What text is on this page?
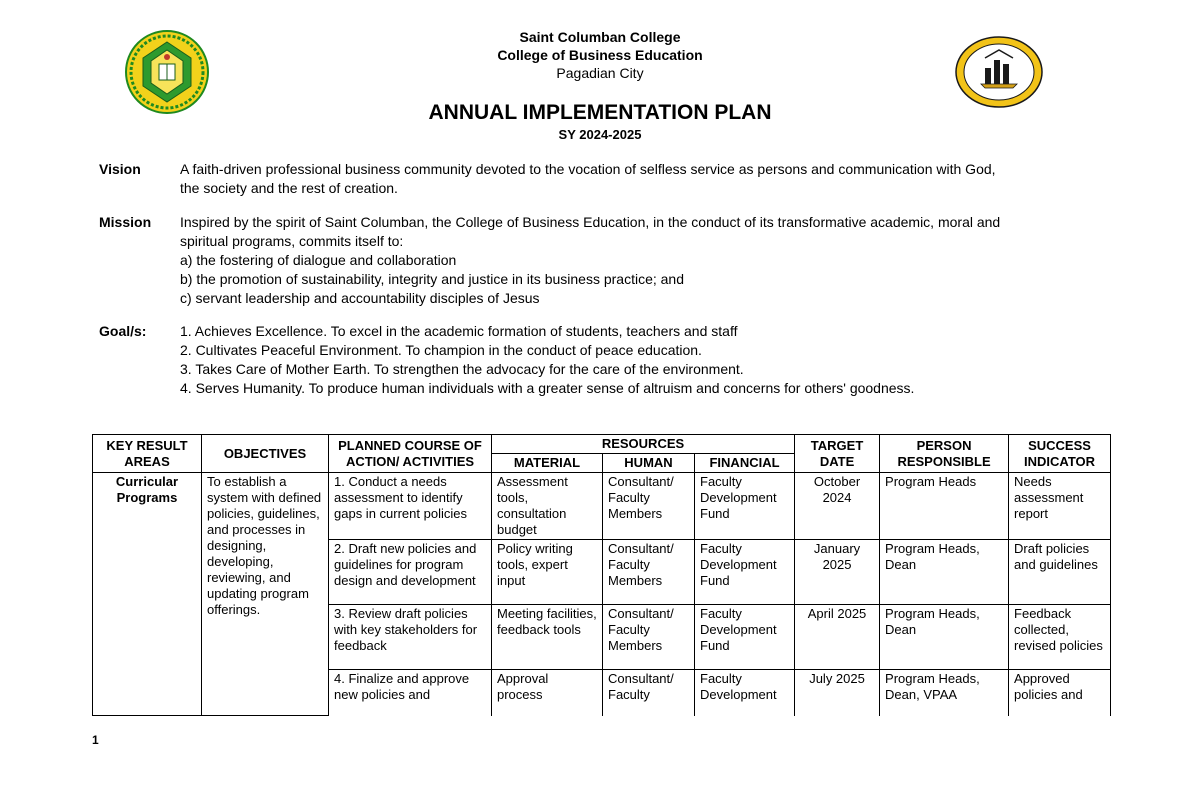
Saint Columban College
College of Business Education
Pagadian City
ANNUAL IMPLEMENTATION PLAN
SY 2024-2025
Vision	A faith-driven professional business community devoted to the vocation of selfless service as persons and communication with God,
the society and the rest of creation.
Mission Inspired by the spirit of Saint Columban, the College of Business Education, in the conduct of its transformative academic, moral and
spiritual programs, commits itself to:
a) the fostering of dialogue and collaboration
b) the promotion of sustainability, integrity and justice in its business practice; and
c) servant leadership and accountability disciples of Jesus
Goal/s: 1. Achieves Excellence. To excel in the academic formation of students, teachers and staff
2. Cultivates Peaceful Environment. To champion in the conduct of peace education.
3. Takes Care of Mother Earth. To strengthen the advocacy for the care of the environment.
4. Serves Humanity. To produce human individuals with a greater sense of altruism and concerns for others' goodness.
KEY RESULT AREAS	OBJECTIVES	PLANNED COURSE OF ACTION/ ACTIVITIES	RESOURCES			TARGET DATE	PERSON RESPONSIBLE	SUCCESS INDICATOR
			MATERIAL	HUMAN	FINANCIAL			
Curricular Programs	To establish a system with defined policies, guidelines, and processes in designing, developing, reviewing, and updating program offerings.	1. Conduct a needs assessment to identify gaps in current policies	Assessment tools, consultation budget	Consultant/ Faculty Members	Faculty Development Fund	October 2024	Program Heads	Needs assessment report
		2. Draft new policies and guidelines for program design and development	Policy writing tools, expert input	Consultant/ Faculty Members	Faculty Development Fund	January 2025	Program Heads, Dean	Draft policies and guidelines
		3. Review draft policies with key stakeholders for feedback	Meeting facilities, feedback tools	Consultant/ Faculty Members	Faculty Development Fund	April 2025	Program Heads, Dean	Feedback collected, revised policies
		4. Finalize and approve new policies and	Approval process	Consultant/ Faculty	Faculty Development	July 2025	Program Heads, Dean, VPAA	Approved policies and
1
